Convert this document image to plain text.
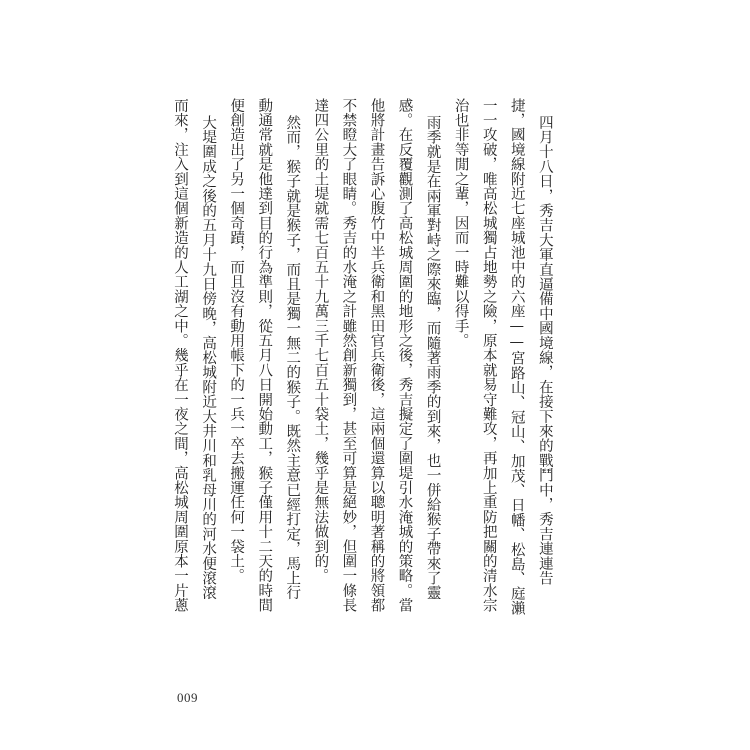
四月十八日，秀吉大軍直逼備中國境線，在接下來的戰鬥中，秀吉連連告
捷，國境線附近七座城池中的六座——宮路山、冠山、加茂、日幡、松島、庭瀨
一一攻破，唯高松城獨占地勢之險，原本就易守難攻，再加上重防把關的清水宗
治也非等閒之輩，因而一時難以得手。
雨季就是在兩軍對峙之際來臨，而隨著雨季的到來，也一併給猴子帶來了靈
感。在反覆觀測了高松城周圍的地形之後，秀吉擬定了圍堤引水淹城的策略。當
他將計畫告訴心腹竹中半兵衛和黑田官兵衛後，這兩個還算以聰明著稱的將領都
不禁瞪大了眼睛。秀吉的水淹之計雖然創新獨到，甚至可算是絕妙，但圍一條長
達四公里的土堤就需七百五十九萬三千七百五十袋土，幾乎是無法做到的。
然而，猴子就是猴子，而且是獨一無二的猴子。既然主意已經打定，馬上行
動通常就是他達到目的行為準則，從五月八日開始動工，猴子僅用十二天的時間
便創造出了另一個奇蹟，而且沒有動用帳下的一兵一卒去搬運任何一袋土。
大堤圍成之後的五月十九日傍晚，高松城附近大井川和乳母川的河水便滾滾
而來，注入到這個新造的人工湖之中。幾乎在一夜之間，高松城周圍原本一片蔥
009
